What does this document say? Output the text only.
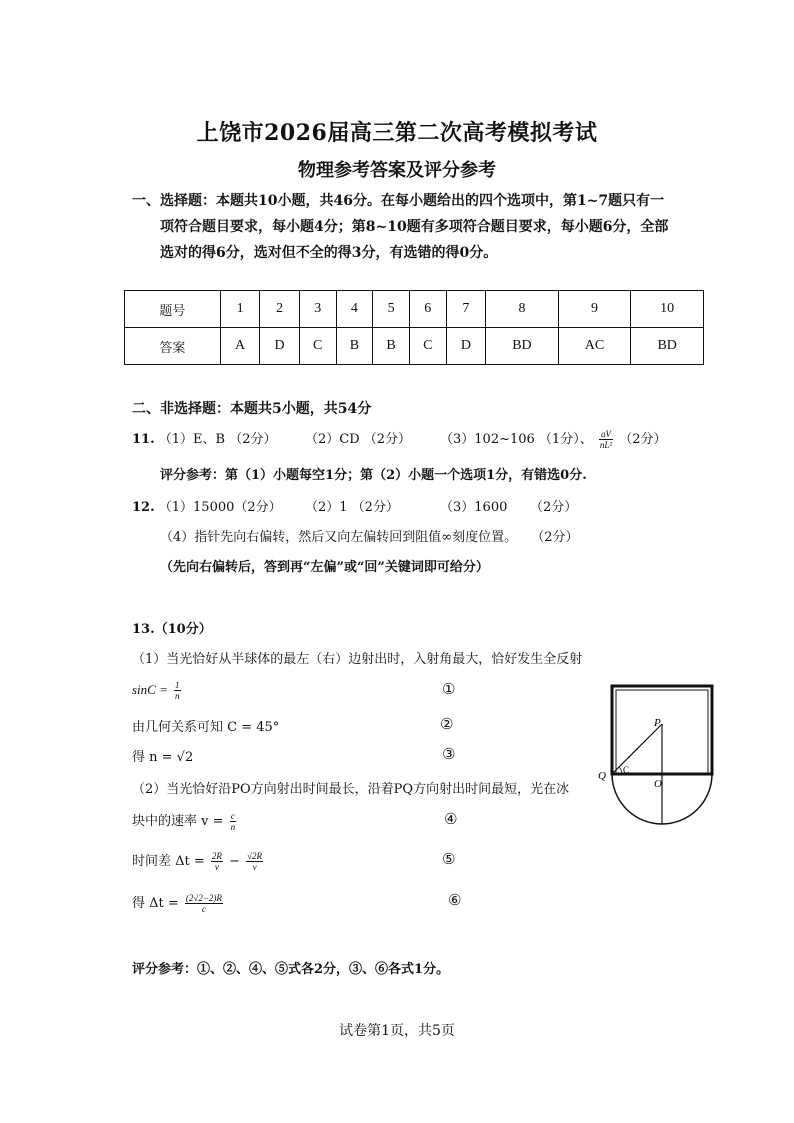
上饶市2026届高三第二次高考模拟考试
物理参考答案及评分参考
一、 选择题：本题共10小题，共46分。在每小题给出的四个选项中，第1~7题只有一项符合题目要求，每小题4分；第8~10题有多项符合题目要求，每小题6分，全部选对的得6分，选对但不全的得3分，有选错的得0分。
题号	1	2	3	4	5	6	7	8	9	10
答案	A	D	C	B	B	C	D	BD	AC	BD
二、非选择题：本题共5小题，共54分
11. （1）E、B （2分） （2）CD （2分） （3）102~106 （1分）、 $\frac{aV}{\text{nL²}} (2$分）
评分参考：第（1）小题每空1分；第（2）小题一个选项1分，有错选0分.
12. （1）15000（2分） （2）1 （2分）	（3）1600 （2分）
（4）指针先向右偏转，然后又向左偏转回到阻值∞刻度位置。 （2分）
（先向右偏转后，答到再“左偏”或“回”关键词即可给分）
13.（10分）
（1）当光恰好从半球体的最左（右）边射出时，入射角最大，恰好发生全反射
$\sin C = \frac{1}{n}$	①
由几何关系可知 C = 45°	②
得 n = √2	③
（2）当光恰好沿PO方向射出时间最长，沿着PQ方向射出时间最短，光在冰
块中的速率 $v = \frac{c}{n}$	④
时间差 $\Delta t = \frac{2R}{v} - \frac{√2R}{v}$	⑤
得 $\Delta t = \frac{(2√2-2)R}{c}$	⑥
评分参考：①、②、④、⑤式各2分，③、⑥各式1分。
P
Q
O
C
试卷第1页，共5页
